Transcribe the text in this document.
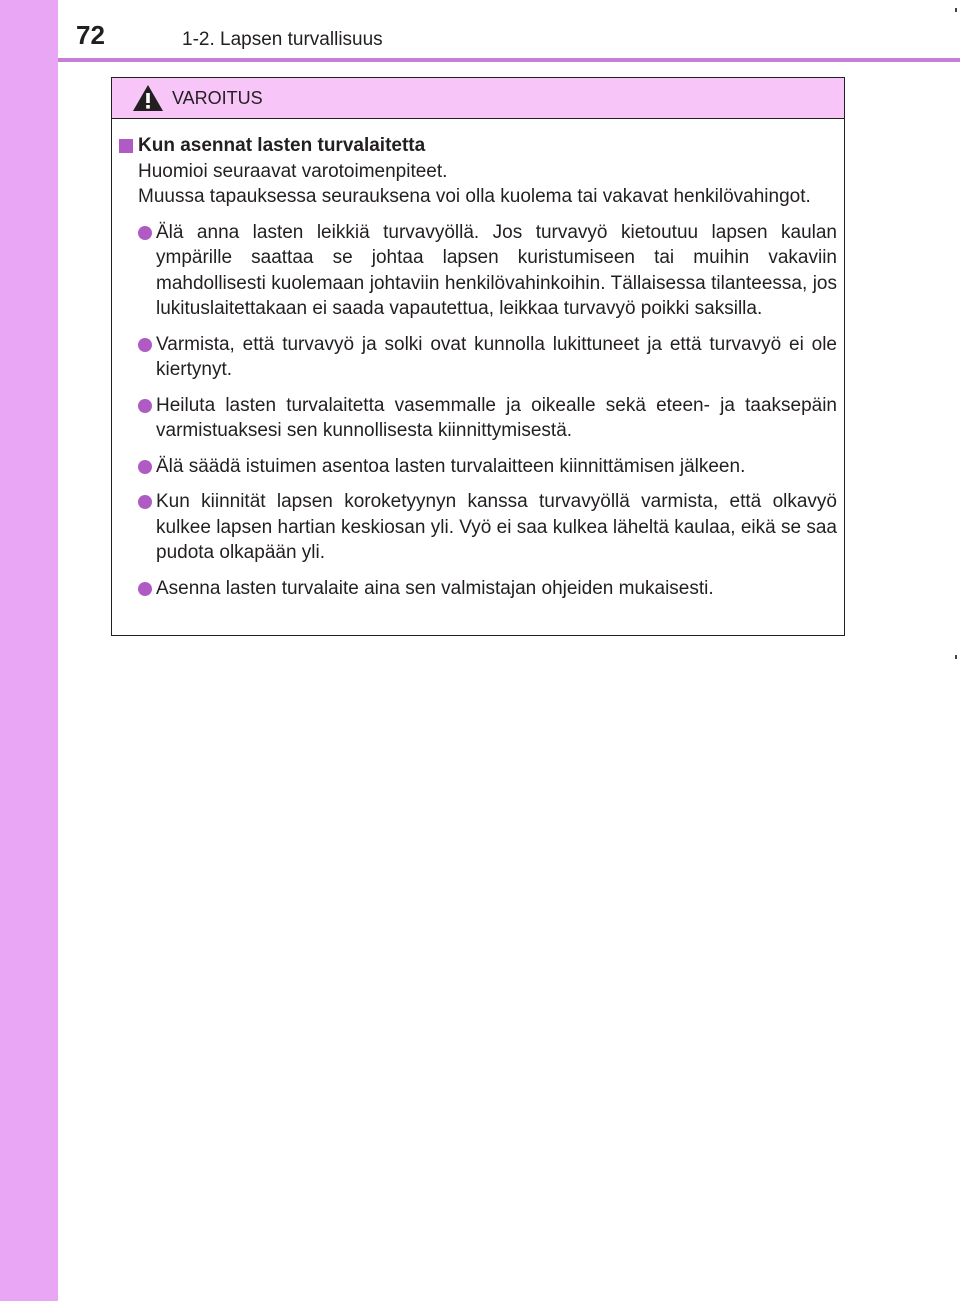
72	1-2. Lapsen turvallisuus
VAROITUS
Kun asennat lasten turvalaitetta
Huomioi seuraavat varotoimenpiteet.
Muussa tapauksessa seurauksena voi olla kuolema tai vakavat henkilövahingot.
Älä anna lasten leikkiä turvavyöllä. Jos turvavyö kietoutuu lapsen kaulan ympärille saattaa se johtaa lapsen kuristumiseen tai muihin vakaviin mahdollisesti kuolemaan johtaviin henkilövahinkoihin. Tällaisessa tilanteessa, jos lukituslaitettakaan ei saada vapautettua, leikkaa turvavyö poikki saksilla.
Varmista, että turvavyö ja solki ovat kunnolla lukittuneet ja että turvavyö ei ole kiertynyt.
Heiluta lasten turvalaitetta vasemmalle ja oikealle sekä eteen- ja taaksepäin varmistuaksesi sen kunnollisesta kiinnittymisestä.
Älä säädä istuimen asentoa lasten turvalaitteen kiinnittämisen jälkeen.
Kun kiinnität lapsen koroketyynyn kanssa turvavyöllä varmista, että olkavyö kulkee lapsen hartian keskiosan yli. Vyö ei saa kulkea läheltä kaulaa, eikä se saa pudota olkapään yli.
Asenna lasten turvalaite aina sen valmistajan ohjeiden mukaisesti.
